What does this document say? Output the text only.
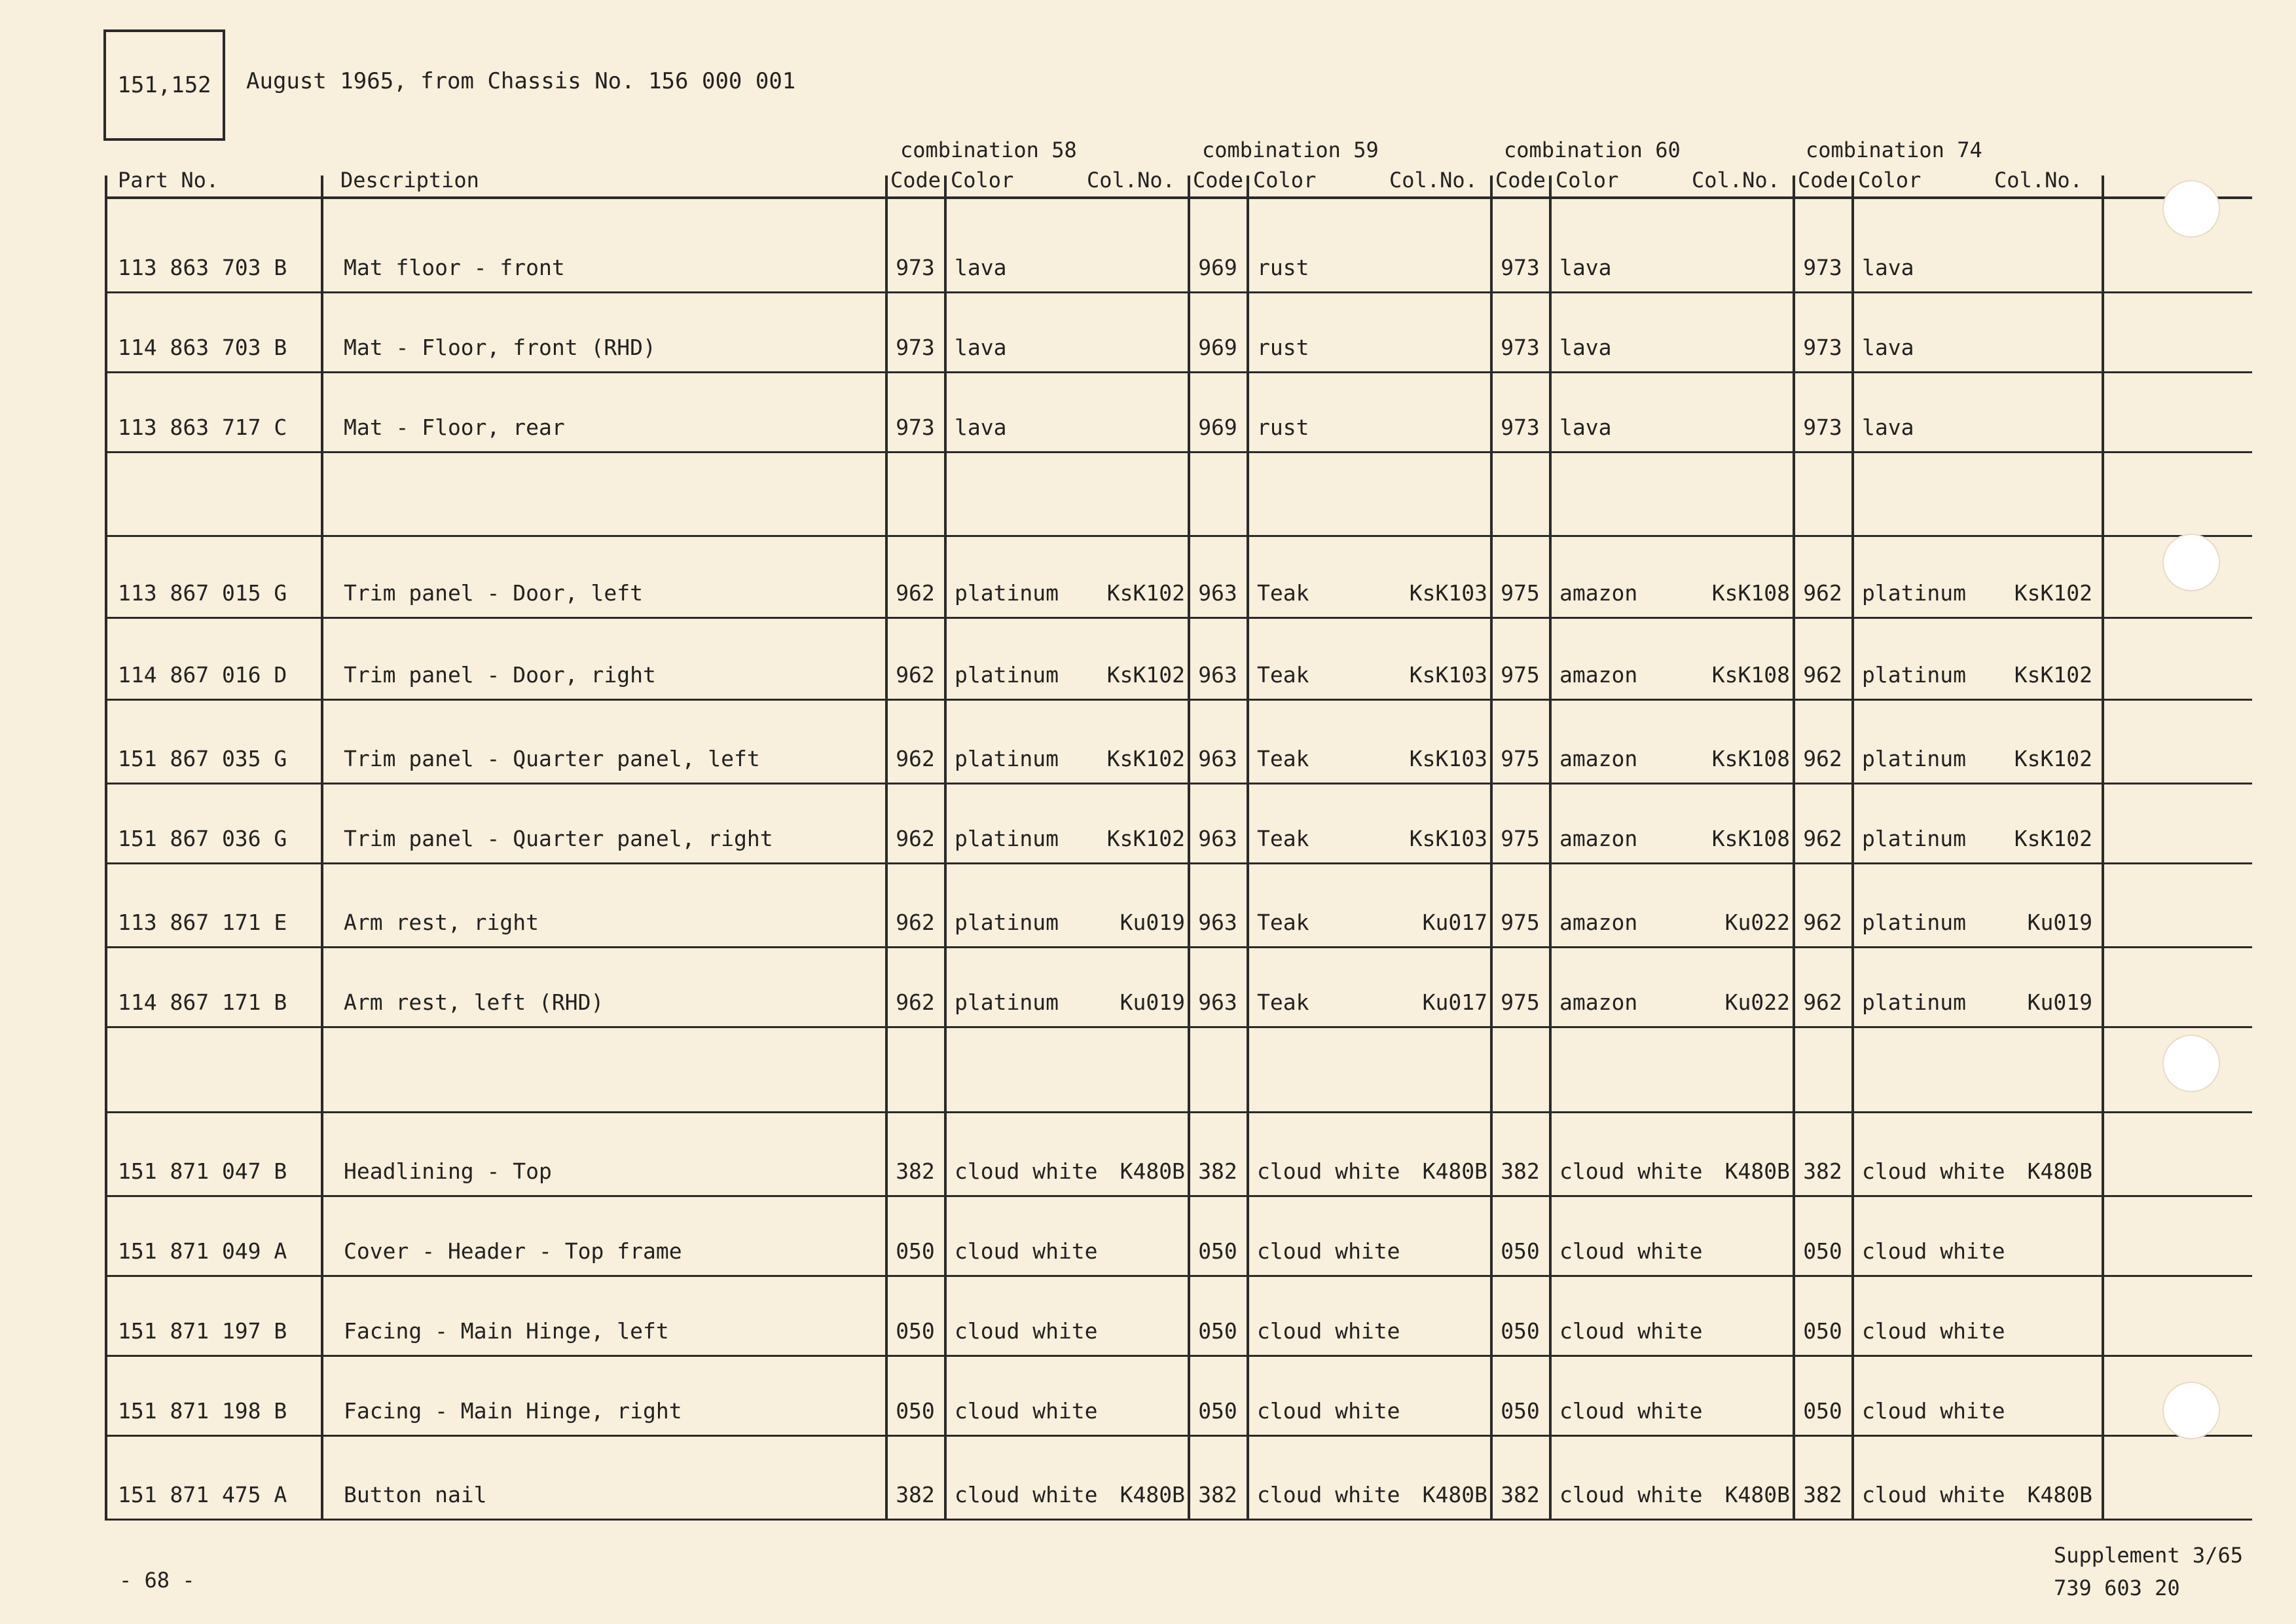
151,152 August 1965, from Chassis No. 156 000 001
combination 58	combination 59	combination 60	combination 74
Part No.	Description	Code Color	Col.No. Code Color	Col.No. Code Color	Col.No. Code Color	Col.No.
113 863 703 B	Mat floor - front	973 lava	969 rust	973 lava	973 lava
114 863 703 B	Mat - Floor, front (RHD)	973 lava	969 rust	973 lava	973 lava
113 863 717 C	Mat - Floor, rear	973 lava	969 rust	973 lava	973 lava
113 867 015 G	Trim panel - Door, left	962 platinum	KsK102 963 Teak	KsK103 975 amazon	KsK108 962 platinum	KsK102
114 867 016 D	Trim panel - Door, right	962 platinum	KsK102 963 Teak	KsK103 975 amazon	KsK108 962 platinum	KsK102
151 867 035 G	Trim panel - Quarter panel, left	962 platinum	KsK102 963 Teak	KsK103 975 amazon	KsK108 962 platinum	KsK102
151 867 036 G	Trim panel - Quarter panel, right	962 platinum	KsK102 963 Teak	KsK103 975 amazon	KsK108 962 platinum	KsK102
113 867 171 E	Arm rest, right	962 platinum	Ku019 963 Teak	Ku017 975 amazon	Ku022 962 platinum	Ku019
114 867 171 B	Arm rest, left (RHD)	962 platinum	Ku019 963 Teak	Ku017 975 amazon	Ku022 962 platinum	Ku019
151 871 047 B	Headlining - Top	382 cloud white	K480B 382 cloud white	K480B 382 cloud white	K480B 382 cloud white	K480B
151 871 049 A	Cover - Header - Top frame	050 cloud white	050 cloud white	050 cloud white	050 cloud white
151 871 197 B	Facing - Main Hinge, left	050 cloud white	050 cloud white	050 cloud white	050 cloud white
151 871 198 B	Facing - Main Hinge, right	050 cloud white	050 cloud white	050 cloud white	050 cloud white
151 871 475 A	Button nail	382 cloud white	K480B 382 cloud white	K480B 382 cloud white	K480B 382 cloud white	K480B
- 68 -
Supplement 3/65
739 603 20
